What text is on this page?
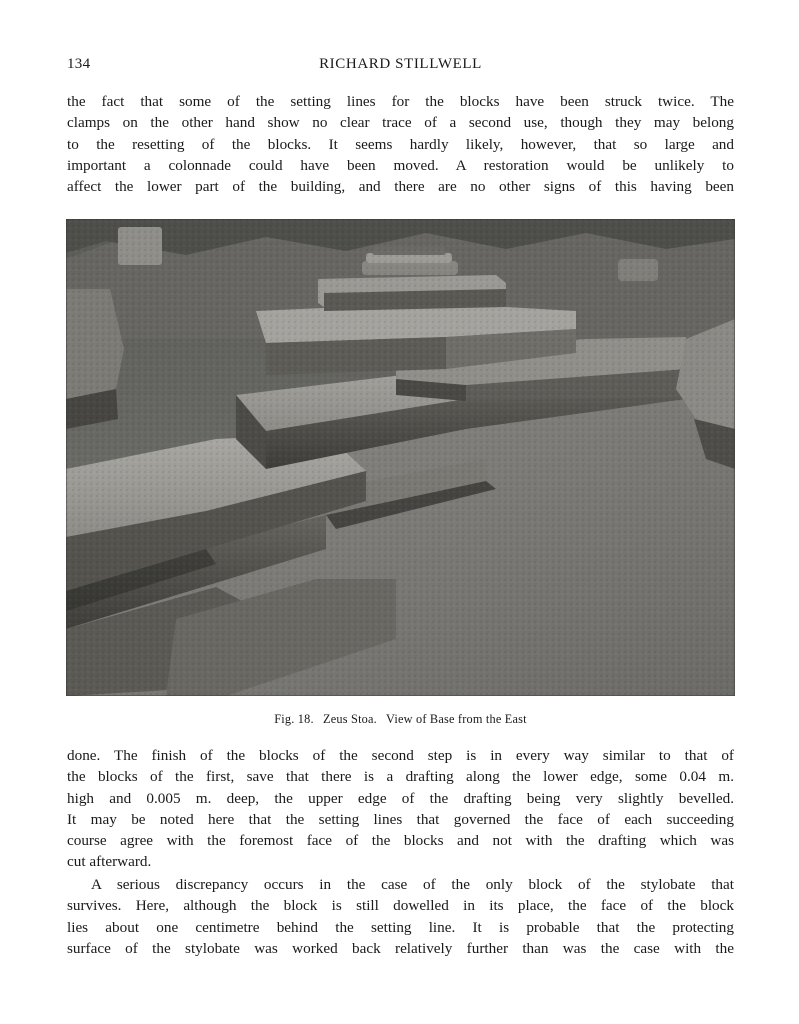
134	RICHARD STILLWELL
the fact that some of the setting lines for the blocks have been struck twice. The
clamps on the other hand show no clear trace of a second use, though they may belong
to the resetting of the blocks. It seems hardly likely, however, that so large and
important a colonnade could have been moved. A restoration would be unlikely to
affect the lower part of the building, and there are no other signs of this having been
Fig. 18. Zeus Stoa. View of Base from the East
done. The finish of the blocks of the second step is in every way similar to that of
the blocks of the first, save that there is a drafting along the lower edge, some 0.04 m.
high and 0.005 m. deep, the upper edge of the drafting being very slightly bevelled.
It may be noted here that the setting lines that governed the face of each succeeding
course agree with the foremost face of the blocks and not with the drafting which was
cut afterward.
A serious discrepancy occurs in the case of the only block of the stylobate that
survives. Here, although the block is still dowelled in its place, the face of the block
lies about one centimetre behind the setting line. It is probable that the protecting
surface of the stylobate was worked back relatively further than was the case with the
